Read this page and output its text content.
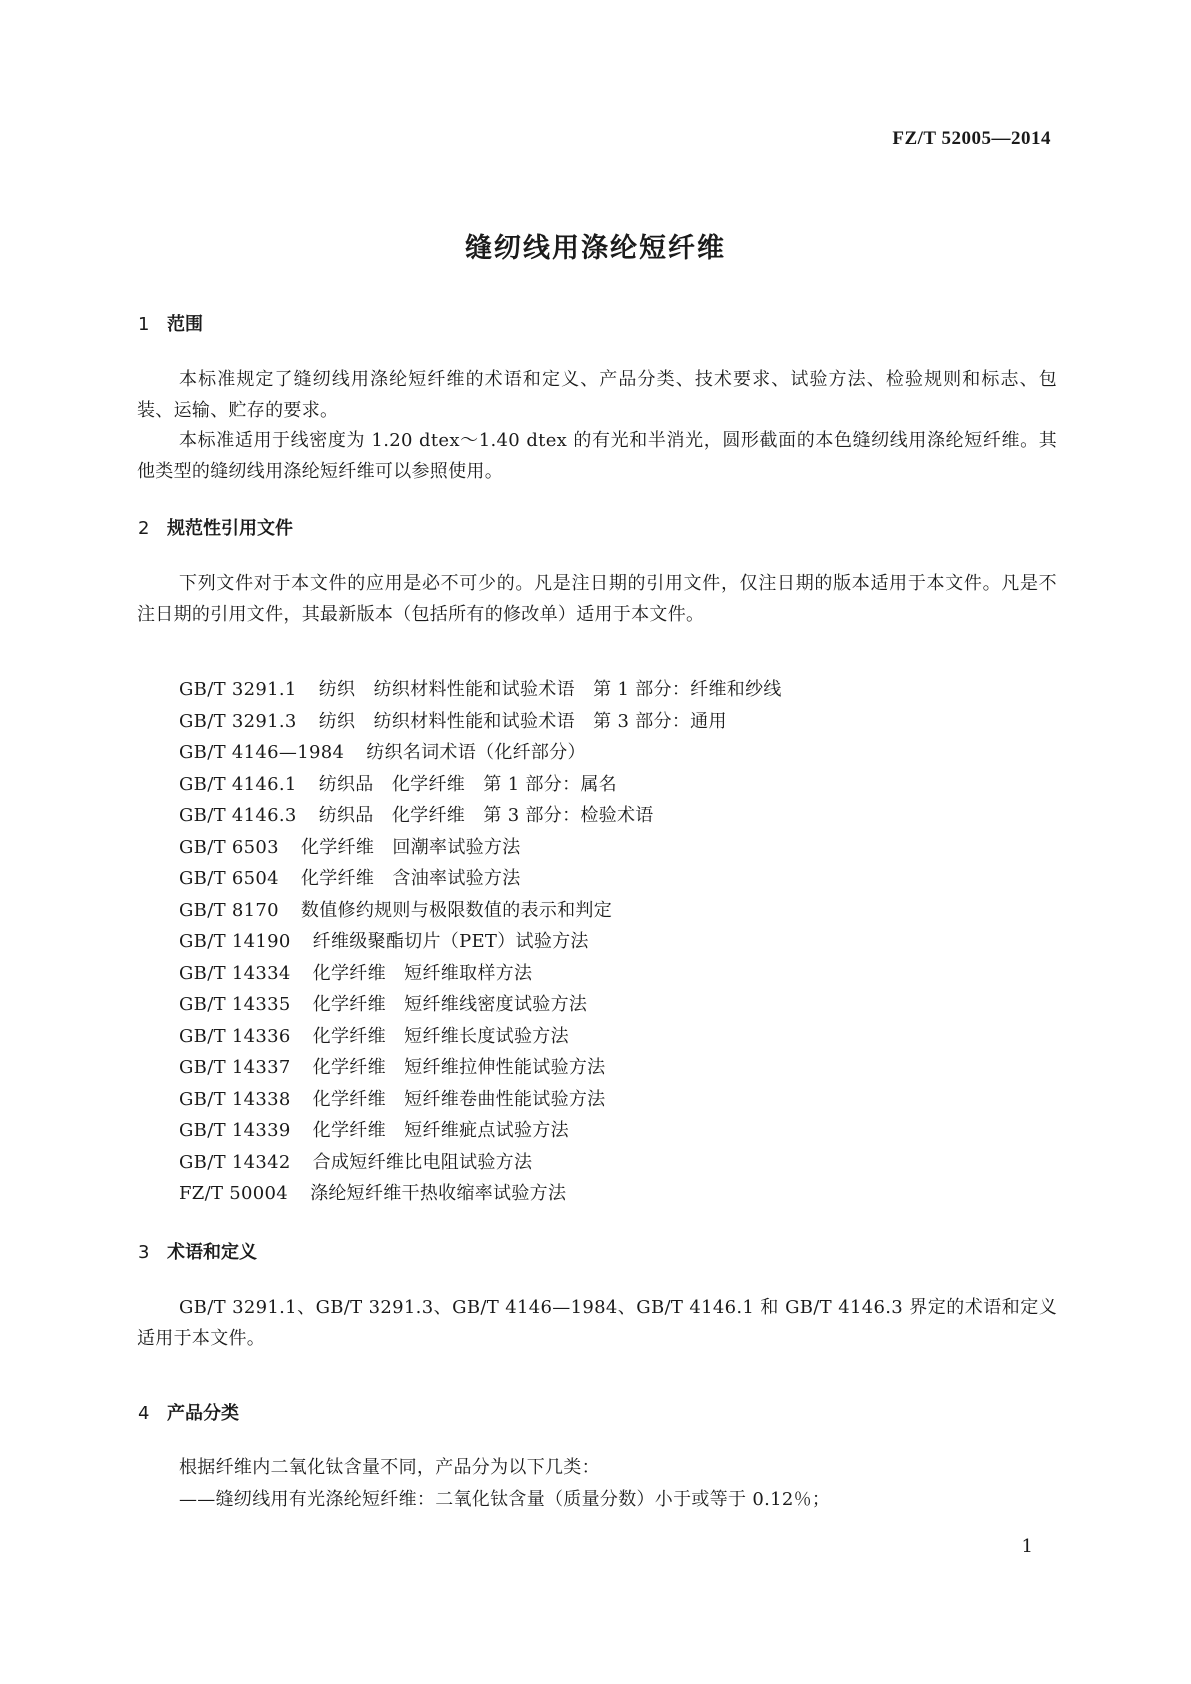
FZ/T 52005—2014
缝纫线用涤纶短纤维
1 范围
本标准规定了缝纫线用涤纶短纤维的术语和定义、产品分类、技术要求、试验方法、检验规则和标志、包装、运输、贮存的要求。
本标准适用于线密度为 1.20 dtex～1.40 dtex 的有光和半消光，圆形截面的本色缝纫线用涤纶短纤维。其他类型的缝纫线用涤纶短纤维可以参照使用。
2 规范性引用文件
下列文件对于本文件的应用是必不可少的。凡是注日期的引用文件，仅注日期的版本适用于本文件。凡是不注日期的引用文件，其最新版本（包括所有的修改单）适用于本文件。
GB/T 3291.1 纺织　纺织材料性能和试验术语　第 1 部分：纤维和纱线
GB/T 3291.3 纺织　纺织材料性能和试验术语　第 3 部分：通用
GB/T 4146—1984 纺织名词术语（化纤部分）
GB/T 4146.1 纺织品　化学纤维　第 1 部分：属名
GB/T 4146.3 纺织品　化学纤维　第 3 部分：检验术语
GB/T 6503 化学纤维　回潮率试验方法
GB/T 6504 化学纤维　含油率试验方法
GB/T 8170 数值修约规则与极限数值的表示和判定
GB/T 14190 纤维级聚酯切片（PET）试验方法
GB/T 14334 化学纤维　短纤维取样方法
GB/T 14335 化学纤维　短纤维线密度试验方法
GB/T 14336 化学纤维　短纤维长度试验方法
GB/T 14337 化学纤维　短纤维拉伸性能试验方法
GB/T 14338 化学纤维　短纤维卷曲性能试验方法
GB/T 14339 化学纤维　短纤维疵点试验方法
GB/T 14342 合成短纤维比电阻试验方法
FZ/T 50004 涤纶短纤维干热收缩率试验方法
3 术语和定义
GB/T 3291.1、GB/T 3291.3、GB/T 4146—1984、GB/T 4146.1 和 GB/T 4146.3 界定的术语和定义适用于本文件。
4 产品分类
根据纤维内二氧化钛含量不同，产品分为以下几类：
——缝纫线用有光涤纶短纤维：二氧化钛含量（质量分数）小于或等于 0.12％；
1
